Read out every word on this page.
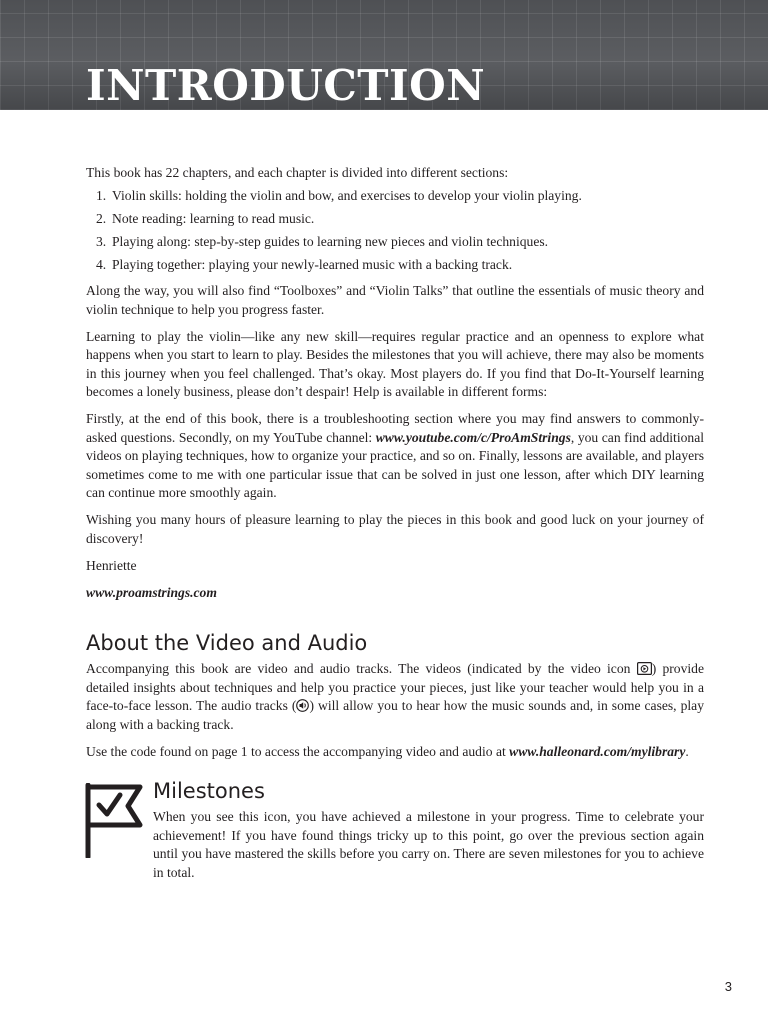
INTRODUCTION

This book has 22 chapters, and each chapter is divided into different sections:

1. Violin skills: holding the violin and bow, and exercises to develop your violin playing.
2. Note reading: learning to read music.
3. Playing along: step-by-step guides to learning new pieces and violin techniques.
4. Playing together: playing your newly-learned music with a backing track.

Along the way, you will also find “Toolboxes” and “Violin Talks” that outline the essentials of music theory and violin technique to help you progress faster.

Learning to play the violin—like any new skill—requires regular practice and an openness to explore what happens when you start to learn to play. Besides the milestones that you will achieve, there may also be moments in this journey when you feel challenged. That’s okay. Most players do. If you find that Do-It-Yourself learning becomes a lonely business, please don’t despair! Help is available in different forms:

Firstly, at the end of this book, there is a troubleshooting section where you may find answers to commonly-asked questions. Secondly, on my YouTube channel: www.youtube.com/c/ProAmStrings, you can find additional videos on playing techniques, how to organize your practice, and so on. Finally, lessons are available, and players sometimes come to me with one particular issue that can be solved in just one lesson, after which DIY learning can continue more smoothly again.

Wishing you many hours of pleasure learning to play the pieces in this book and good luck on your journey of discovery!

Henriette

www.proamstrings.com

About the Video and Audio

Accompanying this book are video and audio tracks. The videos (indicated by the video icon ) provide detailed insights about techniques and help you practice your pieces, just like your teacher would help you in a face-to-face lesson. The audio tracks ( ) will allow you to hear how the music sounds and, in some cases, play along with a backing track.

Use the code found on page 1 to access the accompanying video and audio at www.halleonard.com/mylibrary.

Milestones

When you see this icon, you have achieved a milestone in your progress. Time to celebrate your achievement! If you have found things tricky up to this point, go over the previous section again until you have mastered the skills before you carry on. There are seven milestones for you to achieve in total.

3
